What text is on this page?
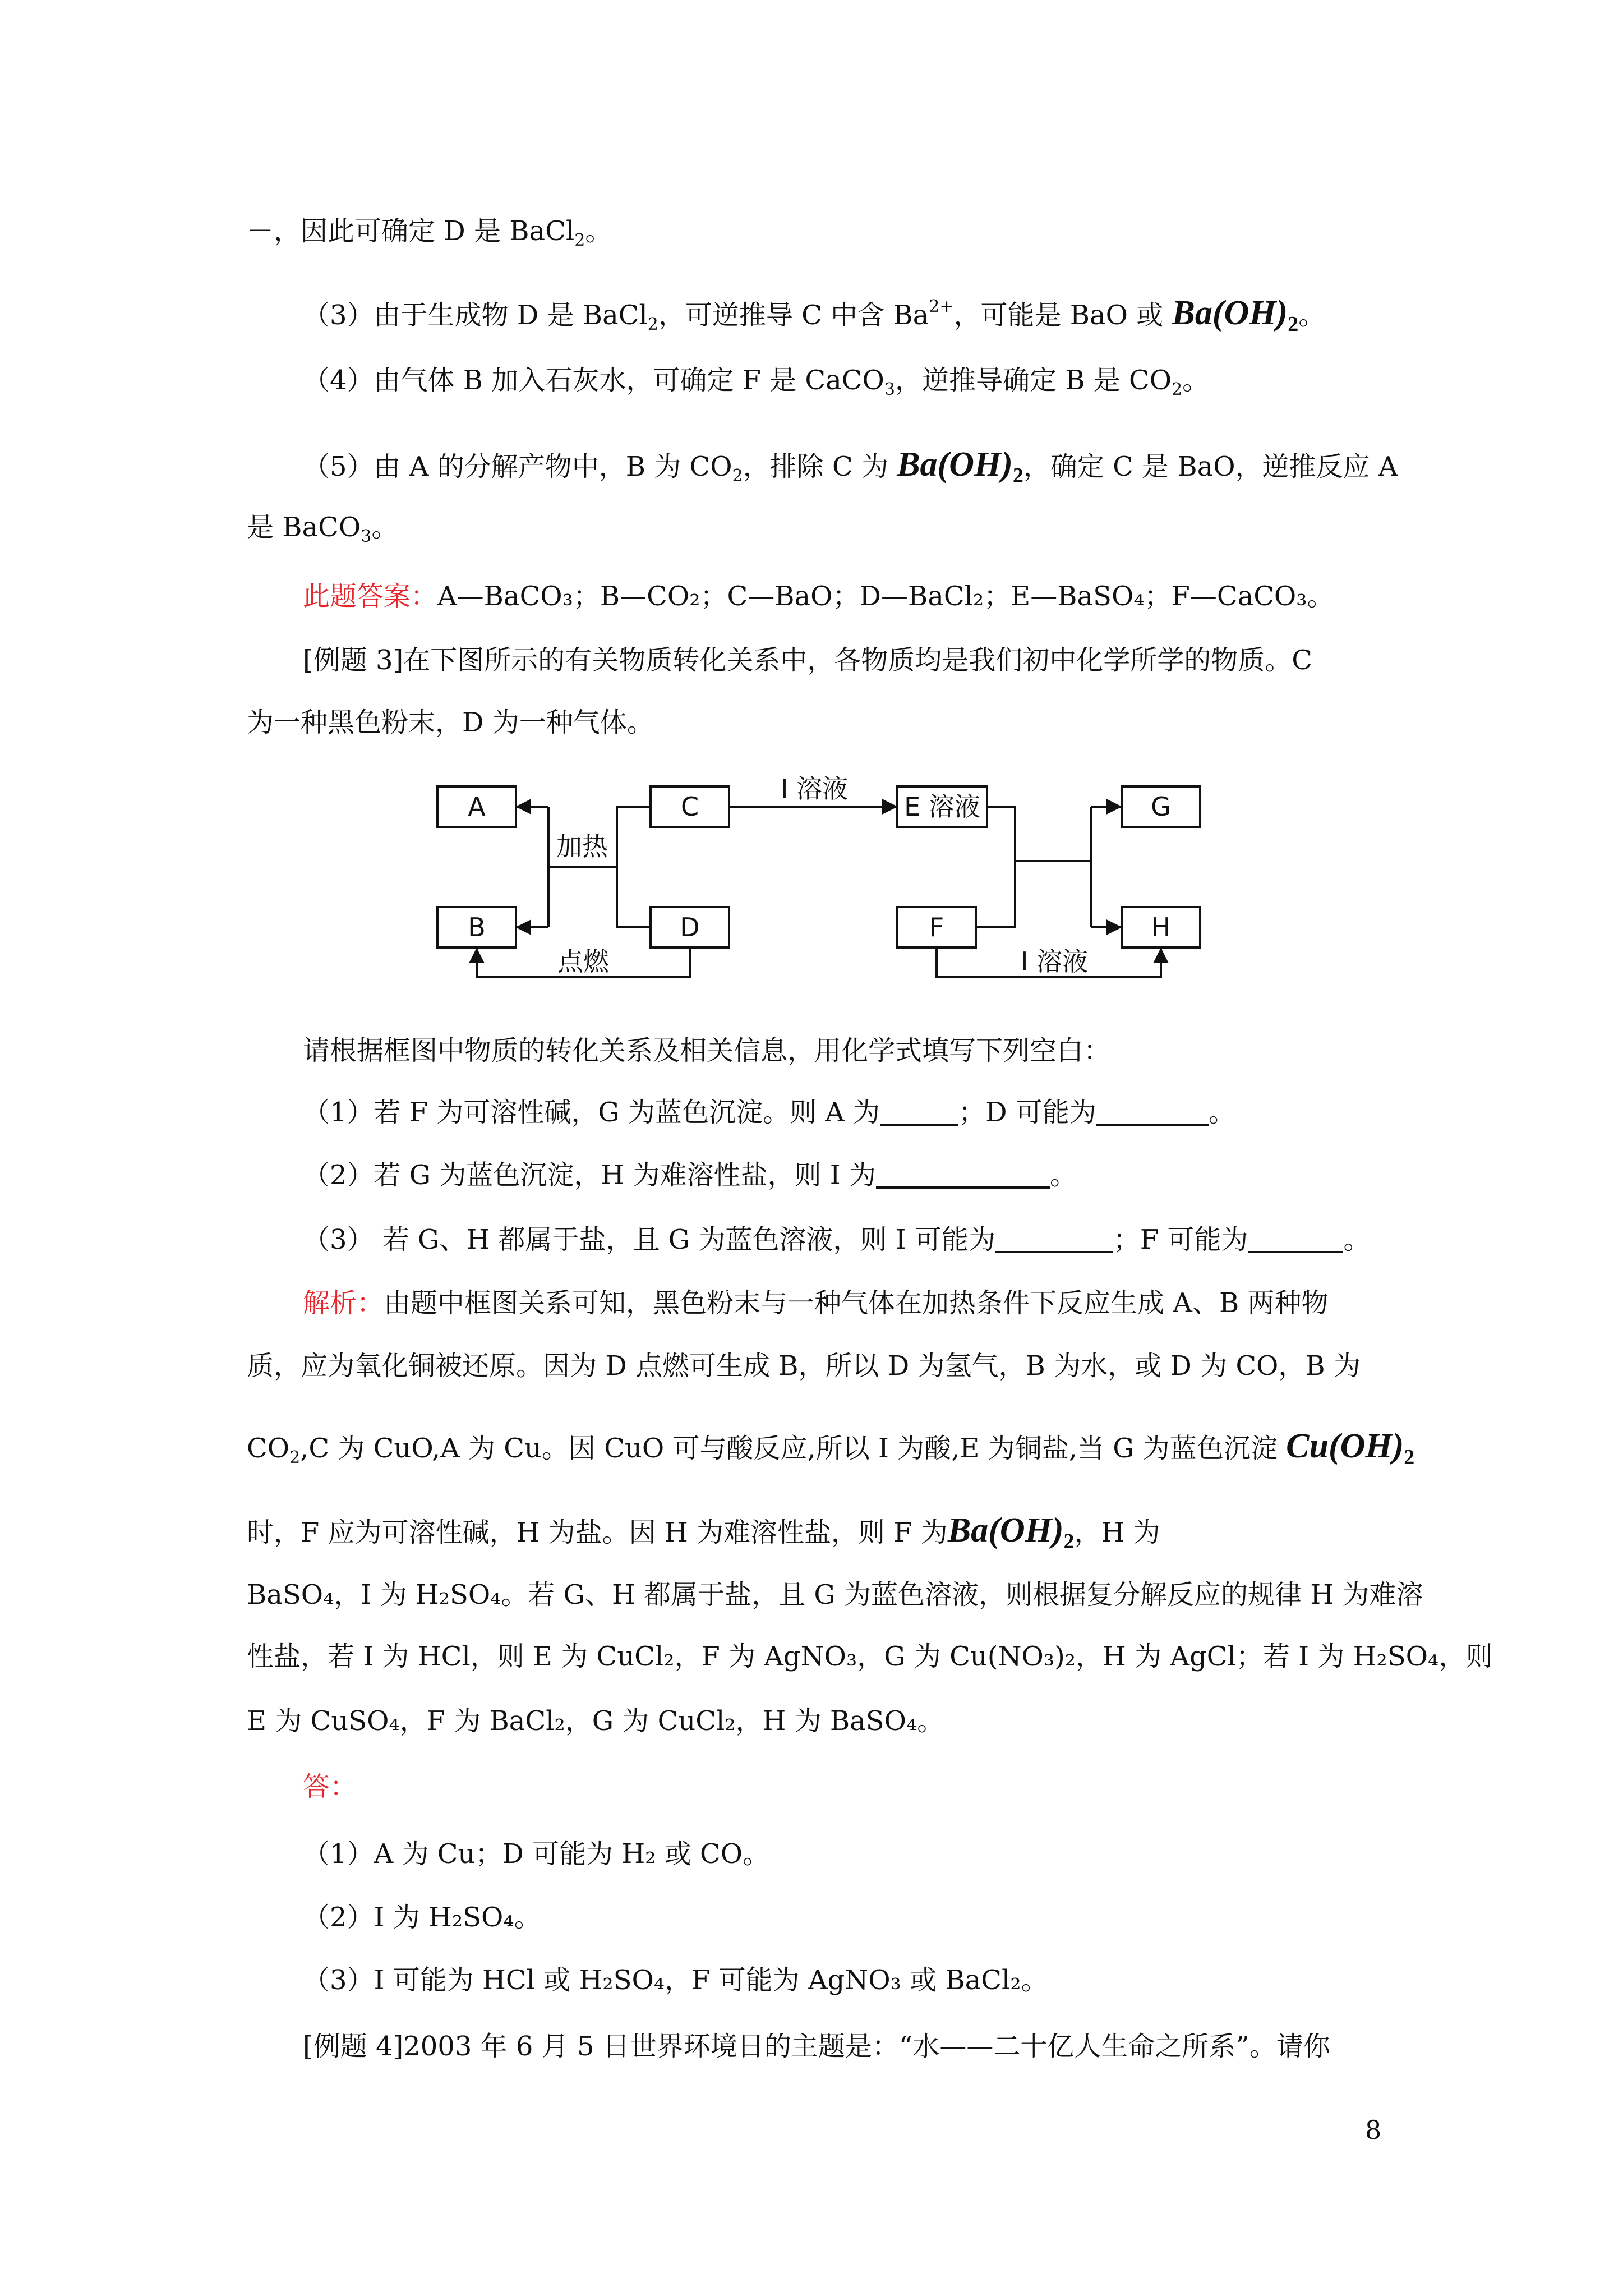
－，因此可确定 D 是 BaCl$_2$。
（3）由于生成物 D 是 BaCl$_2$，可逆推导 C 中含 $Ba^{2+}$，可能是 BaO 或 $Ba(OH)_2$。
（4）由气体 B 加入石灰水，可确定 F 是 CaCO$_3$，逆推导确定 B 是 $CO_2$。
（5）由 A 的分解产物中，B 为 $CO_2$，排除 C 为 $Ba(OH)_2$，确定 C 是 BaO，逆推反应 A
是 BaCO$_3$。
此题答案：A—BaCO₃；B—CO₂；C—BaO；D—BaCl₂；E—BaSO₄；F—CaCO₃。
[例题 3]在下图所示的有关物质转化关系中，各物质均是我们初中化学所学的物质。C
为一种黑色粉末，D 为一种气体。
A
B
C
D
E 溶液
F
G
H
加热
点燃
I 溶液
I 溶液
请根据框图中物质的转化关系及相关信息，用化学式填写下列空白：
（1）若 F 为可溶性碱，G 为蓝色沉淀。则 A 为	；D 可能为	。
（2）若 G 为蓝色沉淀，H 为难溶性盐，则 I 为	。
（3） 若 G、H 都属于盐，且 G 为蓝色溶液，则 I 可能为	；F 可能为	。
解析：由题中框图关系可知，黑色粉末与一种气体在加热条件下反应生成 A、B 两种物
质，应为氧化铜被还原。因为 D 点燃可生成 B，所以 D 为氢气，B 为水，或 D 为 CO，B 为
$CO_2,C$ 为 CuO,A 为 Cu。因 CuO 可与酸反应,所以 I 为酸,E 为铜盐,当 G 为蓝色沉淀 $Cu(OH)_2$
时，F 应为可溶性碱，H 为盐。因 H 为难溶性盐，则 F 为$Ba(OH)_2$，H 为
BaSO₄，I 为 H₂SO₄。若 G、H 都属于盐，且 G 为蓝色溶液，则根据复分解反应的规律 H 为难溶
性盐，若 I 为 HCl，则 E 为 CuCl₂，F 为 AgNO₃，G 为 Cu(NO₃)₂，H 为 AgCl；若 I 为 H₂SO₄，则
E 为 CuSO₄，F 为 BaCl₂，G 为 CuCl₂，H 为 BaSO₄。
答：
（1）A 为 Cu；D 可能为 H₂ 或 CO。
（2）I 为 H₂SO₄。
（3）I 可能为 HCl 或 H₂SO₄，F 可能为 AgNO₃ 或 BaCl₂。
[例题 4]2003 年 6 月 5 日世界环境日的主题是：“水——二十亿人生命之所系”。请你
8
